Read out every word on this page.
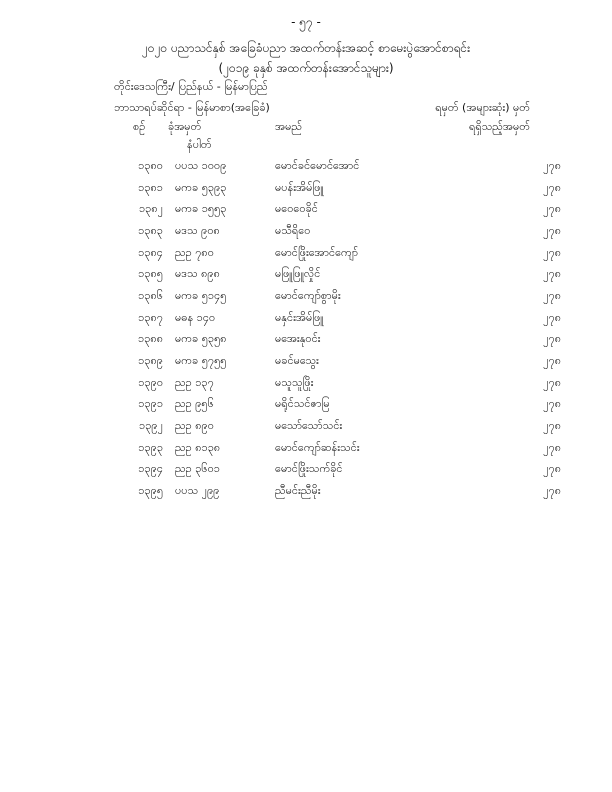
- ၅၇ -
၂၀၂၀ ပညာသင်နှစ် အခြေခံပညာ အထက်တန်းအဆင့် စာမေးပွဲအောင်စာရင်း
(၂၀၁၉ ခုနှစ် အထက်တန်းအောင်သူများ)
တိုင်းဒေသကြီး/ ပြည်နယ် - မြန်မာပြည်
ဘာသာရပ်ဆိုင်ရာ - မြန်မာစာ(အခြေခံ)	ရမှတ် (အများဆုံး) မှတ်
စဉ် ခုံအမှတ်	အမည်	ရရှိသည့်အမှတ်
နံပါတ်
၁၃၈၀		ပပသ ၁၀၀၉	မောင်ခင်မောင်အောင်	၂၇၈
၁၃၈၁		မကခ ၅၃၉၃	မပန်းအိမ်ဖြူ	၂၇၈
၁၃၈၂		မကခ ၁၅၅၃	မဝေဝေခိုင်	၂၇၈
၁၃၈၃		မဒသ ၉၀၈	မသီရိဝေ	၂၇၈
၁၃၈၄		ညဥ ၇၈၀	မောင်ဖြိုးအောင်ကျော်	၂၇၈
၁၃၈၅		မဒသ ၈၉၈	မဖြူဖြူလှိုင်	၂၇၈
၁၃၈၆		မကခ ၅၁၄၅	မောင်ကျော်စွာမိုး	၂၇၈
၁၃၈၇		မဓန ၁၄၀	မနှင်းအိမ်ဖြူ	၂၇၈
၁၃၈၈		မကခ ၅၃၅၈	မအေးနုဝင်း	၂၇၈
၁၃၈၉		မကခ ၅၇၅၅	မခင်မသွေး	၂၇၈
၁၃၉၀		ညဥ ၁၃၇	မသူသူဖြိုး	၂၇၈
၁၃၉၁		ညဥ ၉၅၆	မရိုင်သင်ဇာမြ	၂၇၈
၁၃၉၂		ညဥ ၈၉၀	မသော်သော်သင်း	၂၇၈
၁၃၉၃		ညဥ ၈၁၃၈	မောင်ကျော်ဆန်းသင်း	၂၇၈
၁၃၉၄		ညဥ ၃၆၀၁	မောင်ဖြိုးသက်ခိုင်	၂၇၈
၁၃၉၅		ပပသ ၂၉၉	ညီမင်းညီမိုး	၂၇၈
